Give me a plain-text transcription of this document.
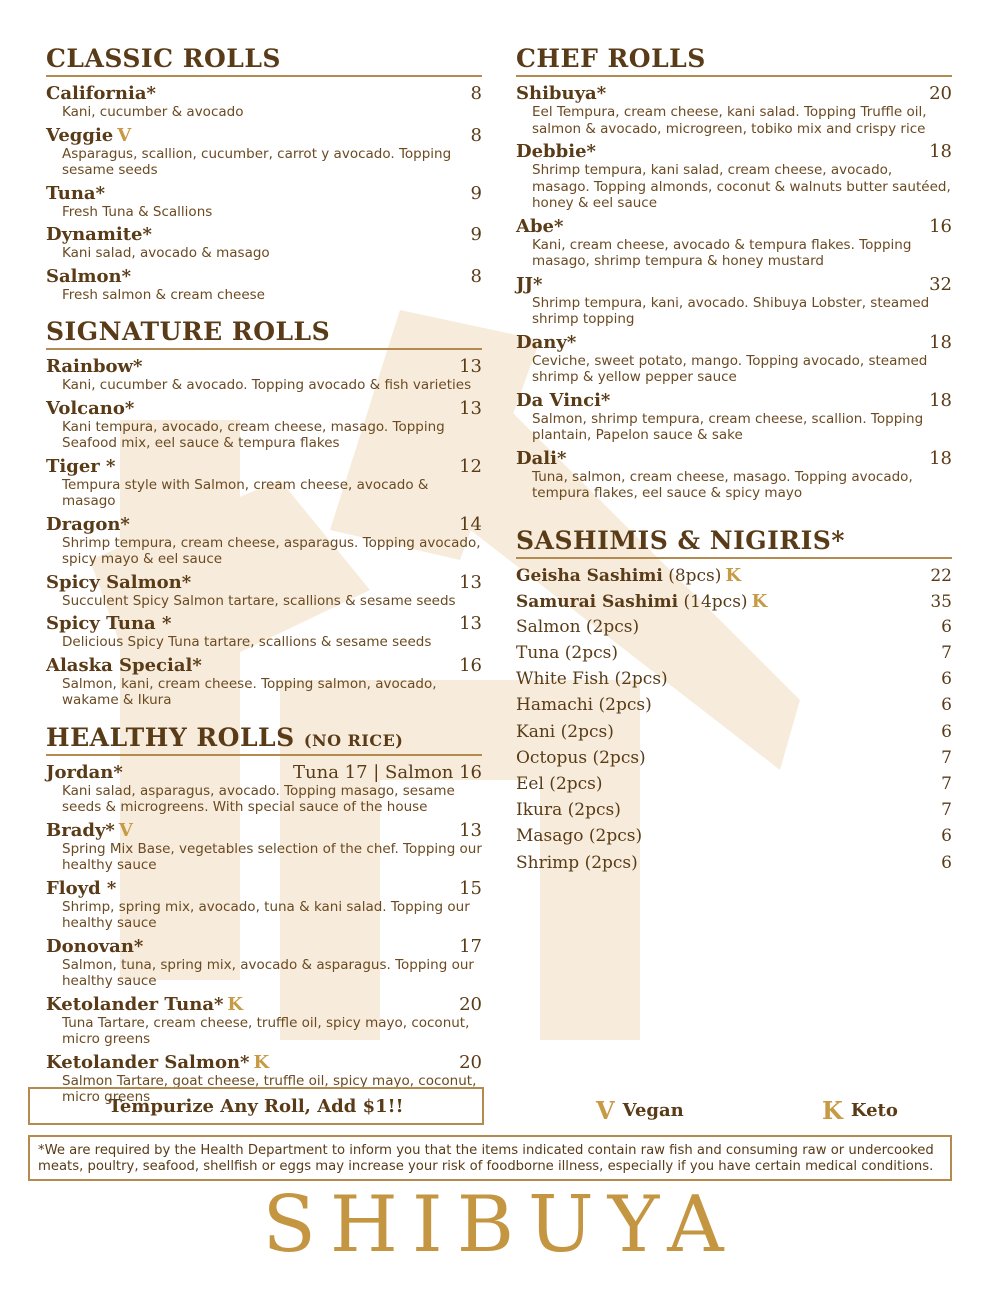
CLASSIC ROLLS
California*	8
Kani, cucumber & avocado
Veggie V	8
Asparagus, scallion, cucumber, carrot y avocado. Topping sesame seeds
Tuna*	9
Fresh Tuna & Scallions
Dynamite*	9
Kani salad, avocado & masago
Salmon*	8
Fresh salmon & cream cheese
SIGNATURE ROLLS
Rainbow*	13
Kani, cucumber & avocado. Topping avocado & fish varieties
Volcano*	13
Kani tempura, avocado, cream cheese, masago. Topping Seafood mix, eel sauce & tempura flakes
Tiger *	12
Tempura style with Salmon, cream cheese, avocado & masago
Dragon*	14
Shrimp tempura, cream cheese, asparagus. Topping avocado, spicy mayo & eel sauce
Spicy Salmon*	13
Succulent Spicy Salmon tartare, scallions & sesame seeds
Spicy Tuna *	13
Delicious Spicy Tuna tartare, scallions & sesame seeds
Alaska Special*	16
Salmon, kani, cream cheese. Topping salmon, avocado, wakame & Ikura
HEALTHY ROLLS (NO RICE)
Jordan*	Tuna 17 | Salmon 16
Kani salad, asparagus, avocado. Topping masago, sesame seeds & microgreens. With special sauce of the house
Brady* V	13
Spring Mix Base, vegetables selection of the chef. Topping our healthy sauce
Floyd *	15
Shrimp, spring mix, avocado, tuna & kani salad. Topping our healthy sauce
Donovan*	17
Salmon, tuna, spring mix, avocado & asparagus. Topping our healthy sauce
Ketolander Tuna* K	20
Tuna Tartare, cream cheese, truffle oil, spicy mayo, coconut, micro greens
Ketolander Salmon* K	20
Salmon Tartare, goat cheese, truffle oil, spicy mayo, coconut, micro greens
CHEF ROLLS
Shibuya*	20
Eel Tempura, cream cheese, kani salad. Topping Truffle oil, salmon & avocado, microgreen, tobiko mix and crispy rice
Debbie*	18
Shrimp tempura, kani salad, cream cheese, avocado, masago. Topping almonds, coconut & walnuts butter sautéed, honey & eel sauce
Abe*	16
Kani, cream cheese, avocado & tempura flakes. Topping masago, shrimp tempura & honey mustard
JJ*	32
Shrimp tempura, kani, avocado. Shibuya Lobster, steamed shrimp topping
Dany*	18
Ceviche, sweet potato, mango. Topping avocado, steamed shrimp & yellow pepper sauce
Da Vinci*	18
Salmon, shrimp tempura, cream cheese, scallion. Topping plantain, Papelon sauce & sake
Dali*	18
Tuna, salmon, cream cheese, masago. Topping avocado, tempura flakes, eel sauce & spicy mayo
SASHIMIS & NIGIRIS*
Geisha Sashimi (8pcs) K	22
Samurai Sashimi (14pcs) K	35
Salmon (2pcs)	6
Tuna (2pcs)	7
White Fish (2pcs)	6
Hamachi (2pcs)	6
Kani (2pcs)	6
Octopus (2pcs)	7
Eel (2pcs)	7
Ikura (2pcs)	7
Masago (2pcs)	6
Shrimp (2pcs)	6
Tempurize Any Roll, Add $1!!	V Vegan	K Keto
*We are required by the Health Department to inform you that the items indicated contain raw fish and consuming raw or undercooked meats, poultry, seafood, shellfish or eggs may increase your risk of foodborne illness, especially if you have certain medical conditions.
SHIBUYA
